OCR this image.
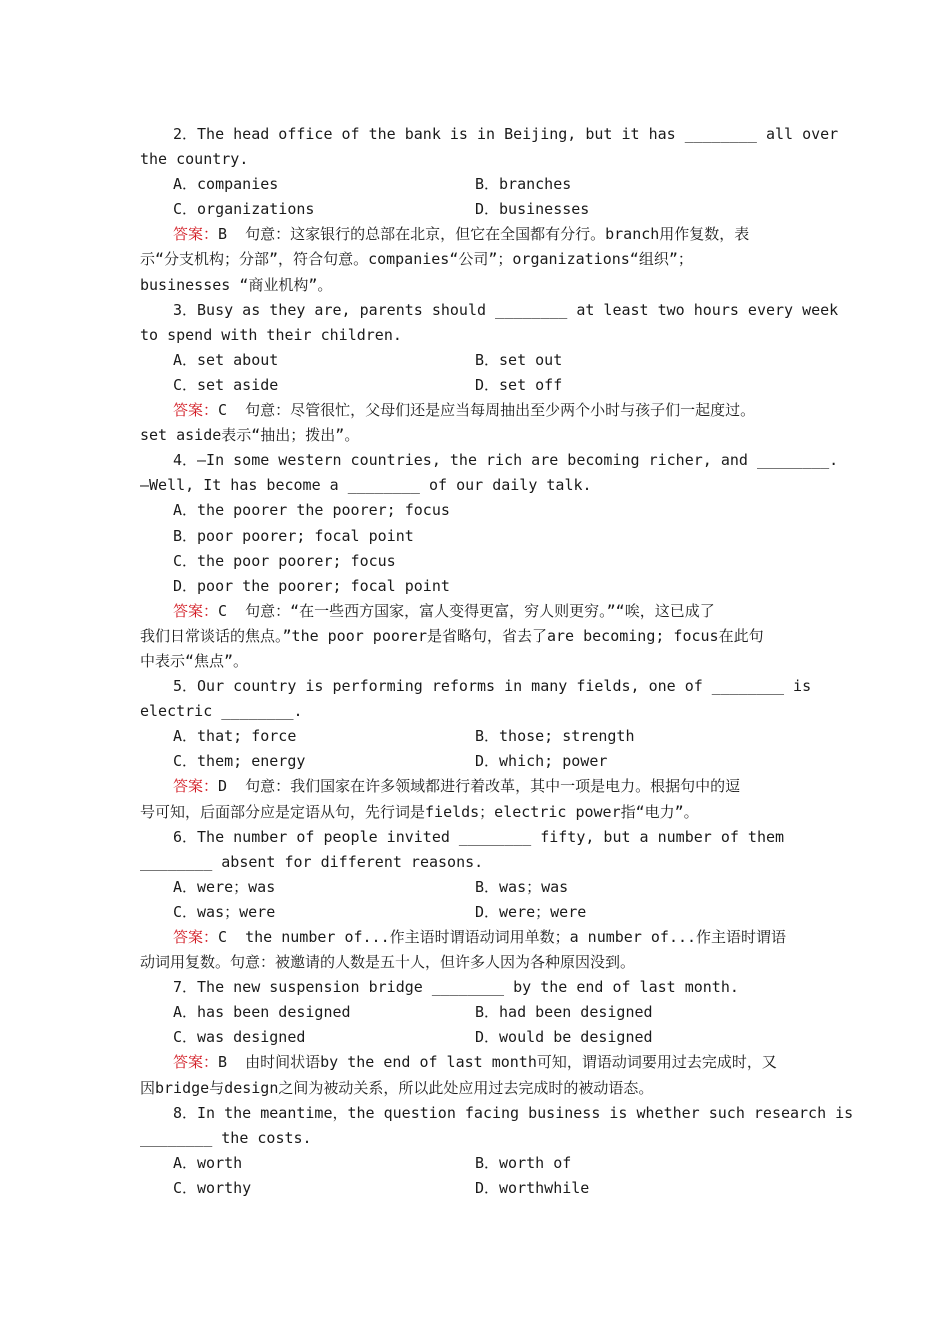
2．The head office of the bank is in Beijing, but it has ________ all over
the country.
A．companies	B．branches
C．organizations	D．businesses
答案：B  句意：这家银行的总部在北京，但它在全国都有分行。branch用作复数，表
示“分支机构；分部”，符合句意。companies“公司”；organizations“组织”；
businesses “商业机构”。
3．Busy as they are, parents should ________ at least two hours every week
to spend with their children.
A．set about	B．set out
C．set aside	D．set off
答案：C  句意：尽管很忙，父母们还是应当每周抽出至少两个小时与孩子们一起度过。
set aside表示“抽出；拨出”。
4．—In some western countries, the rich are becoming richer, and ________.
—Well, It has become a ________ of our daily talk.
A．the poorer the poorer; focus
B．poor poorer; focal point
C．the poor poorer; focus
D．poor the poorer; focal point
答案：C  句意：“在一些西方国家，富人变得更富，穷人则更穷。”“唉，这已成了
我们日常谈话的焦点。”the poor poorer是省略句，省去了are becoming; focus在此句
中表示“焦点”。
5．Our country is performing reforms in many fields, one of ________ is
electric ________.
A．that; force	B．those; strength
C．them; energy	D．which; power
答案：D  句意：我们国家在许多领域都进行着改革，其中一项是电力。根据句中的逗
号可知，后面部分应是定语从句，先行词是fields；electric power指“电力”。
6．The number of people invited ________ fifty, but a number of them
________ absent for different reasons.
A．were；was	B．was；was
C．was；were	D．were；were
答案：C  the number of...作主语时谓语动词用单数；a number of...作主语时谓语
动词用复数。句意：被邀请的人数是五十人，但许多人因为各种原因没到。
7．The new suspension bridge ________ by the end of last month.
A．has been designed	B．had been designed
C．was designed	D．would be designed
答案：B  由时间状语by the end of last month可知，谓语动词要用过去完成时，又
因bridge与design之间为被动关系，所以此处应用过去完成时的被动语态。
8．In the meantime，the question facing business is whether such research is
________ the costs.
A．worth	B．worth of
C．worthy	D．worthwhile
